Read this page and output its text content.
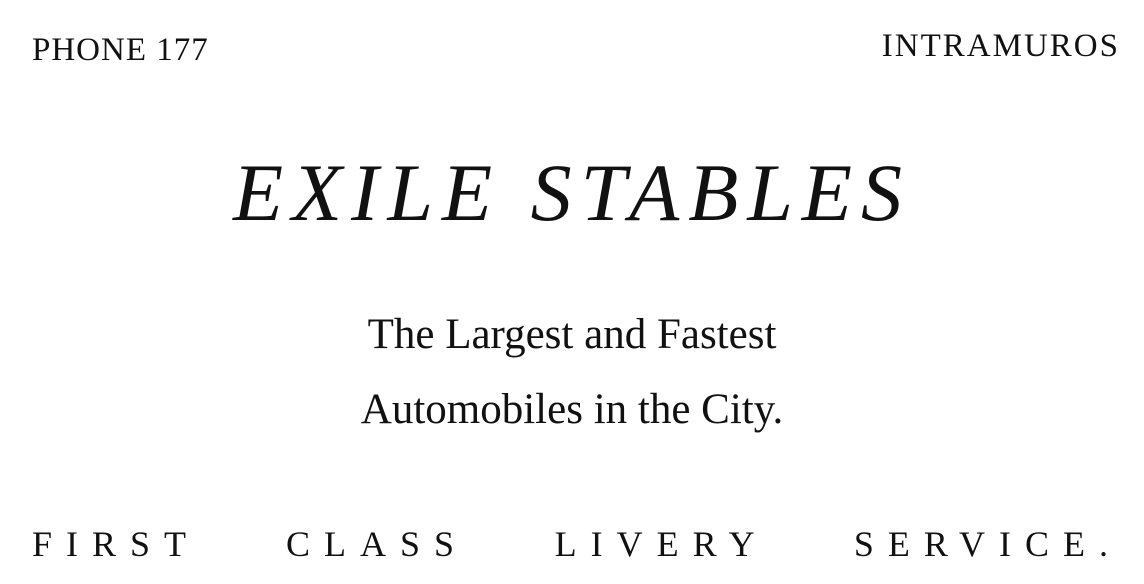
PHONE 177	INTRAMUROS
EXILE STABLES
The Largest and Fastest
Automobiles in the City.
FIRST CLASS LIVERY SERVICE.
